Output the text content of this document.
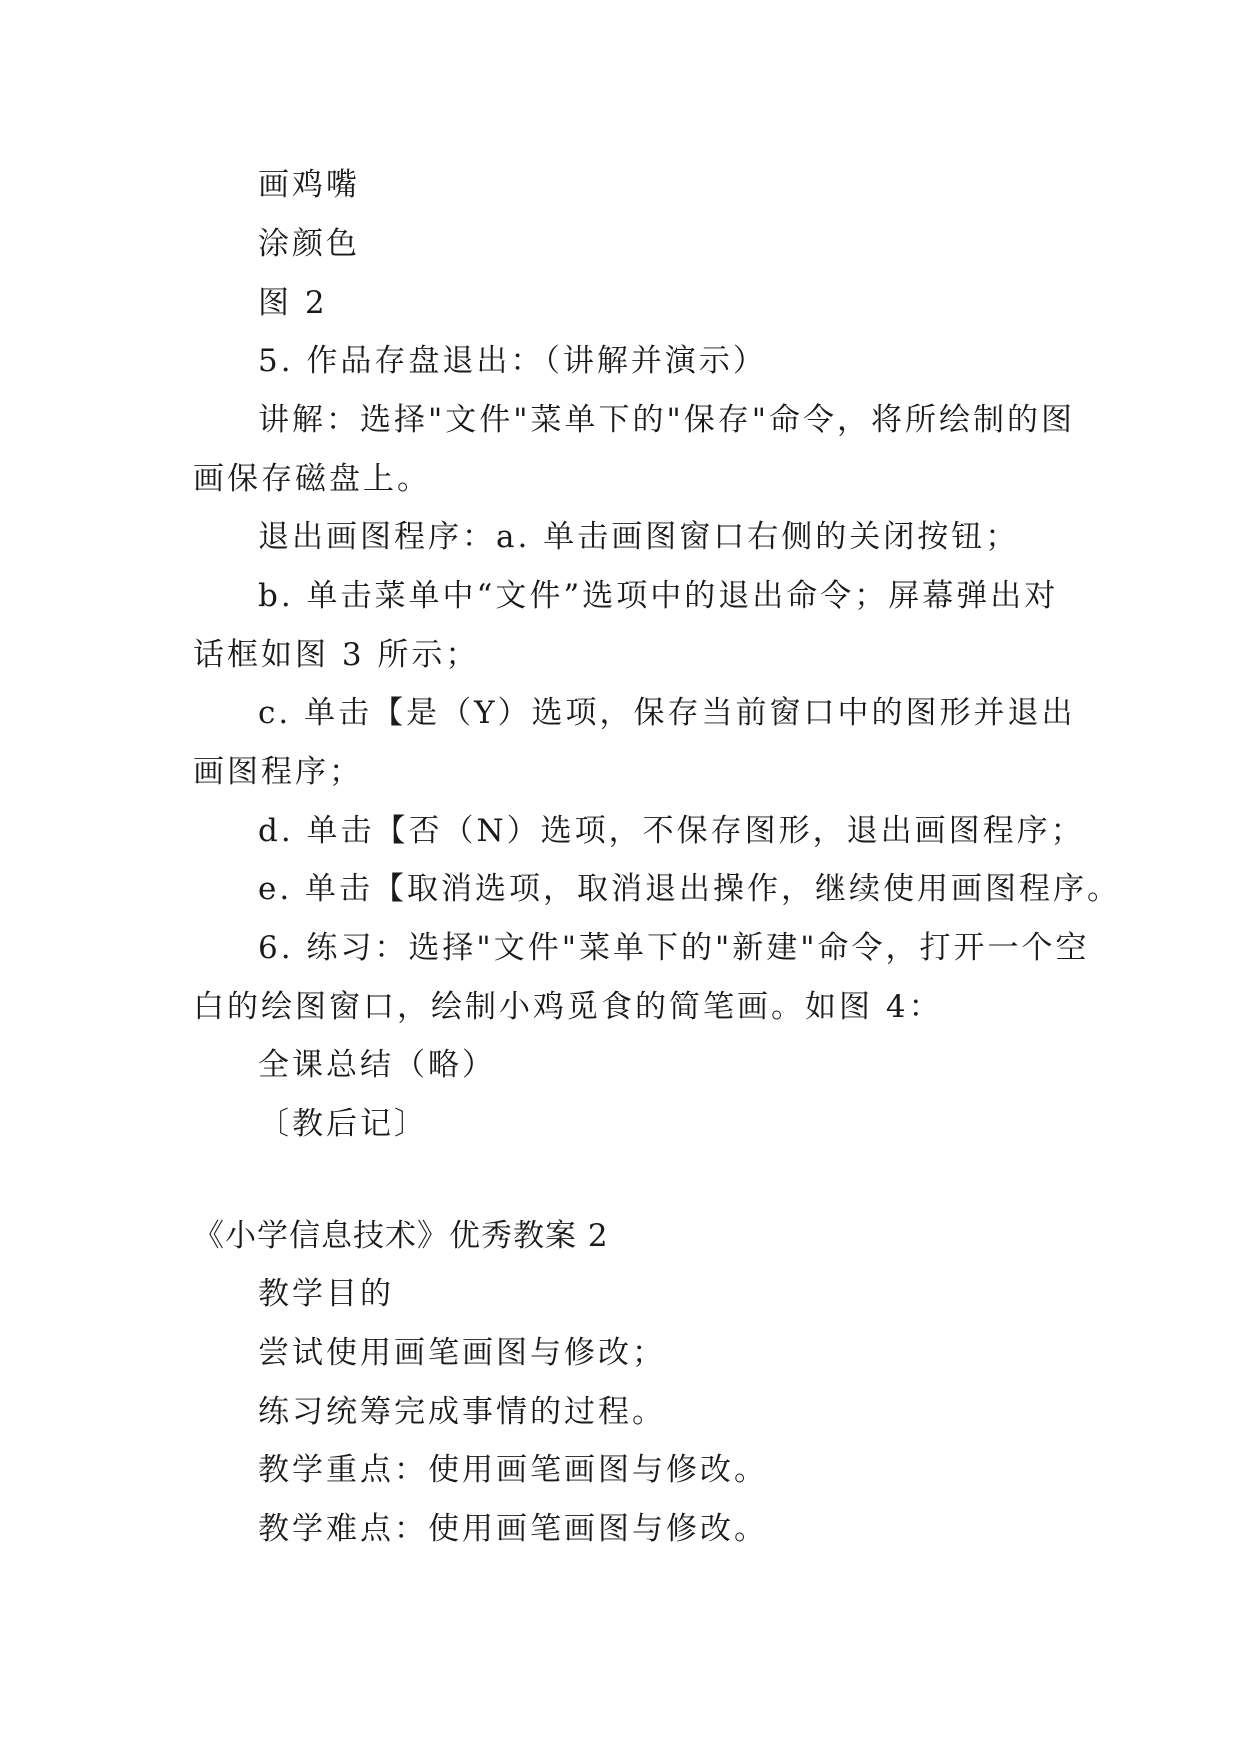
画鸡嘴
涂颜色
图 2
5. 作品存盘退出：（讲解并演示）
讲解：选择"文件"菜单下的"保存"命令，将所绘制的图
画保存磁盘上。
退出画图程序：a. 单击画图窗口右侧的关闭按钮；
b. 单击菜单中“文件”选项中的退出命令；屏幕弹出对
话框如图 3 所示；
c. 单击【是（Y）选项，保存当前窗口中的图形并退出
画图程序；
d. 单击【否（N）选项，不保存图形，退出画图程序；
e. 单击【取消选项，取消退出操作，继续使用画图程序。
6. 练习：选择"文件"菜单下的"新建"命令，打开一个空
白的绘图窗口，绘制小鸡觅食的简笔画。如图 4：
全课总结（略）
〔教后记〕
《小学信息技术》优秀教案 2
教学目的
尝试使用画笔画图与修改；
练习统筹完成事情的过程。
教学重点：使用画笔画图与修改。
教学难点：使用画笔画图与修改。
